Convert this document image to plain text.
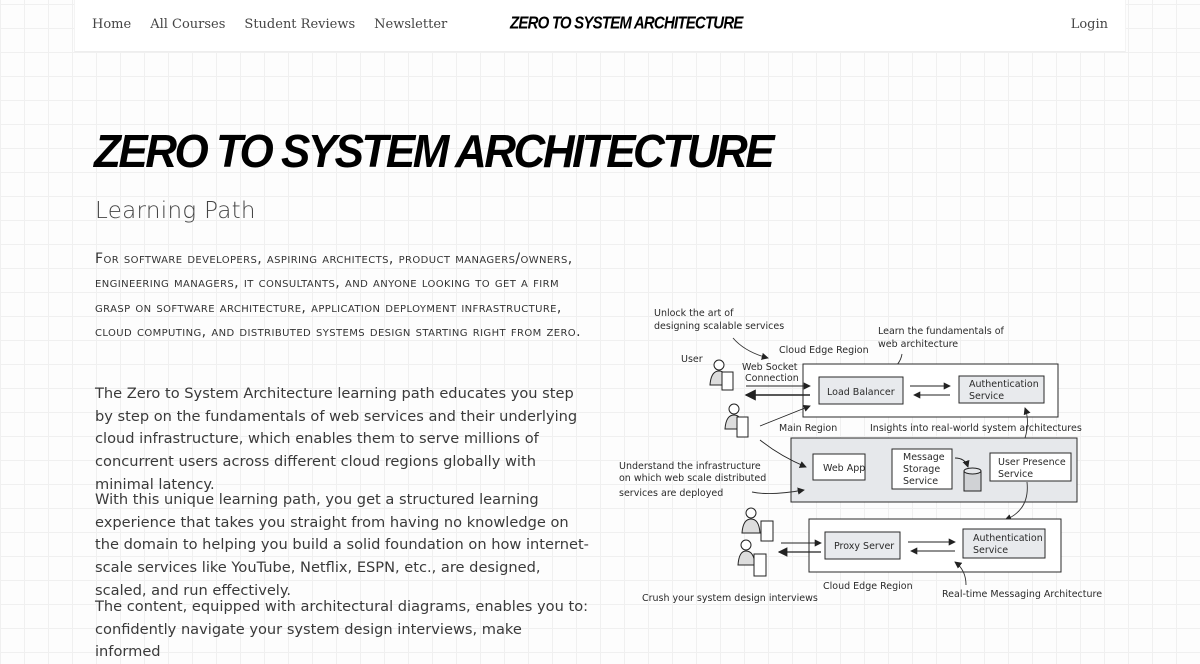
Home All Courses Student Reviews Newsletter	ZERO TO SYSTEM ARCHITECTURE	Login
ZERO TO SYSTEM ARCHITECTURE
Learning Path

For software developers, aspiring architects, product managers/owners, engineering managers, it consultants, and anyone looking to get a firm grasp on software architecture, application deployment infrastructure, cloud computing, and distributed systems design starting right from zero.

The Zero to System Architecture learning path educates you step by step on the fundamentals of web services and their underlying cloud infrastructure, which enables them to serve millions of concurrent users across different cloud regions globally with minimal latency.

With this unique learning path, you get a structured learning experience that takes you straight from having no knowledge on the domain to helping you build a solid foundation on how internet-scale services like YouTube, Netflix, ESPN, etc., are designed, scaled, and run effectively.

The content, equipped with architectural diagrams, enables you to: confidently navigate your system design interviews, make informed

Unlock the art of
designing scalable services	Learn the fundamentals of
web architecture
Cloud Edge Region
User
Web Socket
Connection
Load Balancer
Authentication
Service
Main Region	Insights into real-world system architectures
Web App
Message
Storage
Service
User Presence
Service
Understand the infrastructure
on which web scale distributed
services are deployed
Proxy Server
Authentication
Service
Cloud Edge Region
Crush your system design interviews	Real-time Messaging Architecture
